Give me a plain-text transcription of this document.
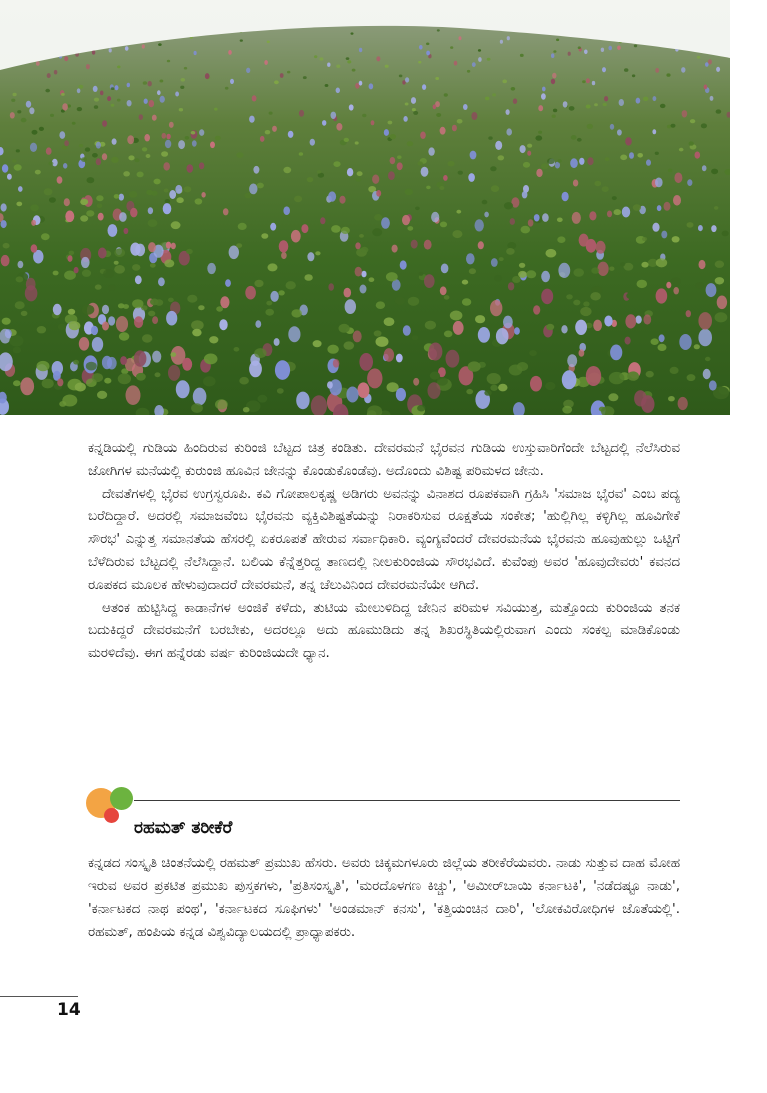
ಕನ್ನಡಿಯಲ್ಲಿ ಗುಡಿಯ ಹಿಂದಿರುವ ಕುರಿಂಜಿ ಬೆಟ್ಟದ ಚಿತ್ರ ಕಂಡಿತು. ದೇವರಮನೆ ಭೈರವನ ಗುಡಿಯ ಉಸ್ತುವಾರಿಗೆಂದೇ ಬೆಟ್ಟದಲ್ಲಿ ನೆಲೆಸಿರುವ ಜೋಗಿಗಳ ಮನೆಯಲ್ಲಿ ಕುರುಂಜಿ ಹೂವಿನ ಜೇನನ್ನು ಕೊಂಡುಕೊಂಡೆವು. ಅದೊಂದು ವಿಶಿಷ್ಟ ಪರಿಮಳದ ಜೇನು.

ದೇವತೆಗಳಲ್ಲಿ ಭೈರವ ಉಗ್ರಸ್ವರೂಪಿ. ಕವಿ ಗೋಪಾಲಕೃಷ್ಣ ಅಡಿಗರು ಅವನನ್ನು ವಿನಾಶದ ರೂಪಕವಾಗಿ ಗ್ರಹಿಸಿ 'ಸಮಾಜ ಭೈರವ' ಎಂಬ ಪದ್ಯ ಬರೆದಿದ್ದಾರೆ. ಅದರಲ್ಲಿ ಸಮಾಜವೆಂಬ ಭೈರವನು ವ್ಯಕ್ತಿವಿಶಿಷ್ಟತೆಯನ್ನು ನಿರಾಕರಿಸುವ ರೂಕ್ಷತೆಯ ಸಂಕೇತ; 'ಹುಲ್ಲಿಗಿಲ್ಲ ಕಳ್ಳಿಗಿಲ್ಲ ಹೂವಿಗೇಕೆ ಸೌರಭ' ಎನ್ನುತ್ತ ಸಮಾನತೆಯ ಹೆಸರಲ್ಲಿ ಏಕರೂಪತೆ ಹೇರುವ ಸರ್ವಾಧಿಕಾರಿ. ವ್ಯಂಗ್ಯವೆಂದರೆ ದೇವರಮನೆಯ ಭೈರವನು ಹೂವುಹುಲ್ಲು ಒಟ್ಟಿಗೆ ಬೆಳೆದಿರುವ ಬೆಟ್ಟದಲ್ಲಿ ನೆಲೆಸಿದ್ದಾನೆ. ಬಲಿಯ ಕೆನ್ನೆತ್ತರಿದ್ದ ತಾಣದಲ್ಲಿ ನೀಲಕುರಿಂಜಿಯ ಸೌರಭವಿದೆ. ಕುವೆಂಪು ಅವರ 'ಹೂವುದೇವರು' ಕವನದ ರೂಪಕದ ಮೂಲಕ ಹೇಳುವುದಾದರೆ ದೇವರಮನೆ, ತನ್ನ ಚೆಲುವಿನಿಂದ ದೇವರಮನೆಯೇ ಆಗಿದೆ.

ಆತಂಕ ಹುಟ್ಟಿಸಿದ್ದ ಕಾಡಾನೆಗಳ ಅಂಜಿಕೆ ಕಳೆದು, ತುಟಿಯ ಮೇಲುಳಿದಿದ್ದ ಜೇನಿನ ಪರಿಮಳ ಸವಿಯುತ್ತ, ಮತ್ತೊಂದು ಕುರಿಂಜಿಯ ತನಕ ಬದುಕಿದ್ದರೆ ದೇವರಮನೆಗೆ ಬರಬೇಕು, ಅದರಲ್ಲೂ ಅದು ಹೂಮುಡಿದು ತನ್ನ ಶಿಖರಸ್ಥಿತಿಯಲ್ಲಿರುವಾಗ ಎಂದು ಸಂಕಲ್ಪ ಮಾಡಿಕೊಂಡು ಮರಳಿದೆವು. ಈಗ ಹನ್ನೆರಡು ವರ್ಷ ಕುರಿಂಜಿಯದೇ ಧ್ಯಾನ.

ರಹಮತ್ ತರೀಕೆರೆ

ಕನ್ನಡದ ಸಂಸ್ಕೃತಿ ಚಿಂತನೆಯಲ್ಲಿ ರಹಮತ್ ಪ್ರಮುಖ ಹೆಸರು. ಅವರು ಚಿಕ್ಕಮಗಳೂರು ಜಿಲ್ಲೆಯ ತರೀಕೆರೆಯವರು. ನಾಡು ಸುತ್ತುವ ದಾಹ ಮೋಹ ಇರುವ ಅವರ ಪ್ರಕಟಿತ ಪ್ರಮುಖ ಪುಸ್ತಕಗಳು, 'ಪ್ರತಿಸಂಸ್ಕೃತಿ', 'ಮರದೊಳಗಣ ಕಿಚ್ಚು', 'ಅಮೀರ್‌ಬಾಯಿ ಕರ್ನಾಟಕಿ', 'ನಡೆದಷ್ಟೂ ನಾಡು', 'ಕರ್ನಾಟಕದ ನಾಥ ಪಂಥ', 'ಕರ್ನಾಟಕದ ಸೂಫಿಗಳು' 'ಅಂಡಮಾನ್ ಕನಸು', 'ಕತ್ತಿಯಂಚಿನ ದಾರಿ', 'ಲೋಕವಿರೋಧಿಗಳ ಜೊತೆಯಲ್ಲಿ'. ರಹಮತ್, ಹಂಪಿಯ ಕನ್ನಡ ವಿಶ್ವವಿದ್ಯಾಲಯದಲ್ಲಿ ಪ್ರಾಧ್ಯಾಪಕರು.

14
